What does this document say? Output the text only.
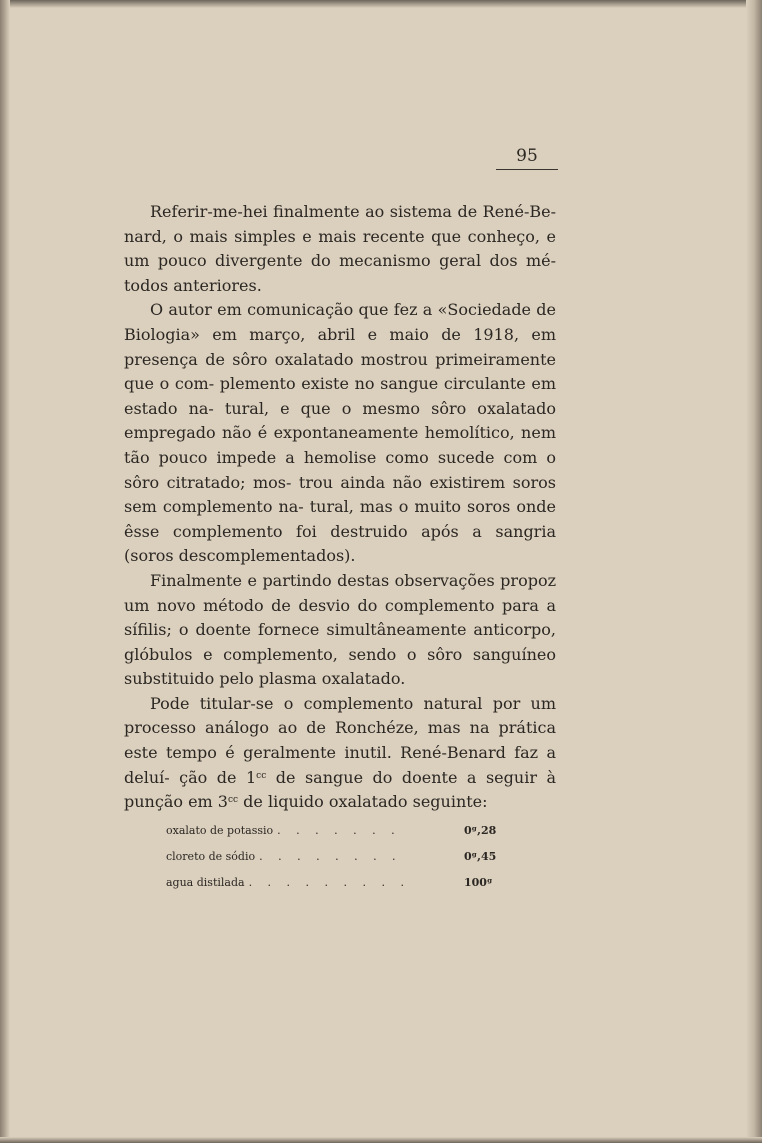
95

Referir-me-hei finalmente ao sistema de René-Be- nard, o mais simples e mais recente que conheço, e um pouco divergente do mecanismo geral dos mé- todos anteriores.

O autor em comunicação que fez a «Sociedade de Biologia» em março, abril e maio de 1918, em presença de sôro oxalatado mostrou primeiramente que o com- plemento existe no sangue circulante em estado na- tural, e que o mesmo sôro oxalatado empregado não é expontaneamente hemolítico, nem tão pouco impede a hemolise como sucede com o sôro citratado; mos- trou ainda não existirem soros sem complemento na- tural, mas o muito soros onde êsse complemento foi destruido após a sangria (soros descomplementados).

Finalmente e partindo destas observações propoz um novo método de desvio do complemento para a sífilis; o doente fornece simultâneamente anticorpo, glóbulos e complemento, sendo o sôro sanguíneo substituido pelo plasma oxalatado.

Pode titular-se o complemento natural por um processo análogo ao de Ronchéze, mas na prática este tempo é geralmente inutil. René-Benard faz a deluí- ção de $1^{cc}$ de sangue do doente a seguir à punção em $3^{cc}$ de liquido oxalatado seguinte:

oxalato de potassio . . . . . . .	0ᵍ,28
cloreto de sódio . . . . . . . .	0ᵍ,45
agua distilada . . . . . . . . .	100ᵍ
